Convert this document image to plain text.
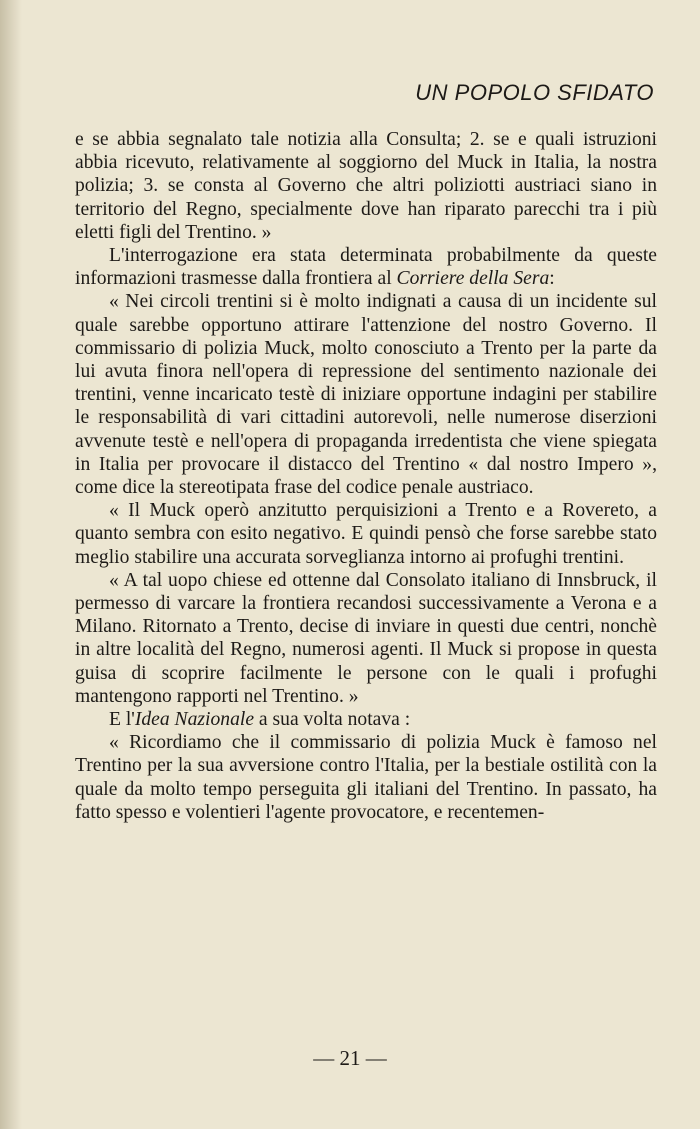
UN POPOLO SFIDATO

e se abbia segnalato tale notizia alla Consulta; 2. se e quali istruzioni abbia ricevuto, relativamente al soggiorno del Muck in Italia, la nostra polizia; 3. se consta al Governo che altri poliziotti austriaci siano in territorio del Regno, specialmente dove han riparato parecchi tra i più eletti figli del Trentino. »

L'interrogazione era stata determinata probabilmente da queste informazioni trasmesse dalla frontiera al Corriere della Sera:

« Nei circoli trentini si è molto indignati a causa di un incidente sul quale sarebbe opportuno attirare l'attenzione del nostro Governo. Il commissario di polizia Muck, molto conosciuto a Trento per la parte da lui avuta finora nell'opera di repressione del sentimento nazionale dei trentini, venne incaricato testè di iniziare opportune indagini per stabilire le responsabilità di vari cittadini autorevoli, nelle numerose diserzioni avvenute testè e nell'opera di propaganda irredentista che viene spiegata in Italia per provocare il distacco del Trentino « dal nostro Impero », come dice la stereotipata frase del codice penale austriaco.

« Il Muck operò anzitutto perquisizioni a Trento e a Rovereto, a quanto sembra con esito negativo. E quindi pensò che forse sarebbe stato meglio stabilire una accurata sorveglianza intorno ai profughi trentini.

« A tal uopo chiese ed ottenne dal Consolato italiano di Innsbruck, il permesso di varcare la frontiera recandosi successivamente a Verona e a Milano. Ritornato a Trento, decise di inviare in questi due centri, nonchè in altre località del Regno, numerosi agenti. Il Muck si propose in questa guisa di scoprire facilmente le persone con le quali i profughi mantengono rapporti nel Trentino. »

E l'Idea Nazionale a sua volta notava :

« Ricordiamo che il commissario di polizia Muck è famoso nel Trentino per la sua avversione contro l'Italia, per la bestiale ostilità con la quale da molto tempo perseguita gli italiani del Trentino. In passato, ha fatto spesso e volentieri l'agente provocatore, e recentemen-

— 21 —
